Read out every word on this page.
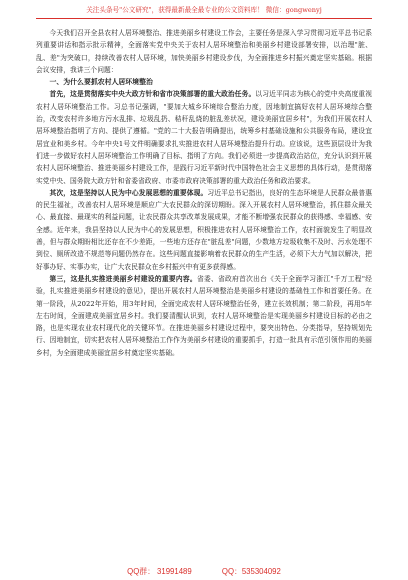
关注头条号"公文研究"，获得最新最全最专业的公文资料库！ 微信：gongwenyj

今天我们召开全县农村人居环境整治、推进美丽乡村建设工作会，主要任务是深入学习贯彻习近平总书记系列重要讲话和指示批示精神，全面落实党中央关于农村人居环境整治和美丽乡村建设部署安排，以治理"脏、乱、差"为突破口，持续改善农村人居环境，加快美丽乡村建设步伐，为全面推进乡村振兴奠定坚实基础。根据会议安排，我讲三个问题：

一、为什么要抓农村人居环境整治

首先，这是贯彻落实中央大政方针和省市决策部署的重大政治任务。以习近平同志为核心的党中央高度重视农村人居环境整治工作。习总书记强调，"要加大城乡环境综合整治力度，因地制宜搞好农村人居环境综合整治，改变农村许多地方污水乱排、垃圾乱扔、秸秆乱烧的脏乱差状况，建设美丽宜居乡村"，为我们开展农村人居环境整治指明了方向、提供了遵循。"党的二十大报告明确提出，统筹乡村基础设施和公共服务布局，建设宜居宜业和美乡村。今年中央1号文件明确要求扎实推进农村人居环境整治提升行动。应该说，这些顶层设计为我们进一步做好农村人居环境整治工作明确了目标、指明了方向。我们必须进一步提高政治站位，充分认识到开展农村人居环境整治、推进美丽乡村建设工作，是践行习近平新时代中国特色社会主义思想的具体行动，是贯彻落实党中央、国务院大政方针和省委省政府、市委市政府决策部署的重大政治任务和政治要求。

其次，这是坚持以人民为中心发展思想的重要体现。习近平总书记指出，良好的生态环境是人民群众最普惠的民生福祉，改善农村人居环境是顺应广大农民群众的深切期盼。深入开展农村人居环境整治，抓住群众最关心、最直接、最现实的利益问题，让农民群众共享改革发展成果，才能不断增强农民群众的获得感、幸福感、安全感。近年来，我县坚持以人民为中心的发展思想，积极推进农村人居环境整治工作，农村面貌发生了明显改善，但与群众期盼相比还存在不少差距，一些地方还存在"脏乱差"问题，少数地方垃圾收集不及时、污水处理不到位、厕所改造不规范等问题仍然存在。这些问题直接影响着农民群众的生产生活，必须下大力气加以解决，把好事办好、实事办实，让广大农民群众在乡村振兴中有更多获得感。

第三，这是扎实推进美丽乡村建设的重要内容。省委、省政府首次出台《关于全面学习浙江"千万工程"经验，扎实推进美丽乡村建设的意见》，提出开展农村人居环境整治是美丽乡村建设的基础性工作和首要任务。在第一阶段，从2022年开始，用3年时间，全面完成农村人居环境整治任务，建立长效机制；第二阶段，再用5年左右时间，全面建成美丽宜居乡村。我们要清醒认识到，农村人居环境整治是实现美丽乡村建设目标的必由之路，也是实现农业农村现代化的关键环节。在推进美丽乡村建设过程中，要突出特色、分类指导，坚持规划先行、因地制宜，切实把农村人居环境整治工作作为美丽乡村建设的重要抓手，打造一批具有示范引领作用的美丽乡村，为全面建成美丽宜居乡村奠定坚实基础。

QQ群： 31991489	QQ：535304092
